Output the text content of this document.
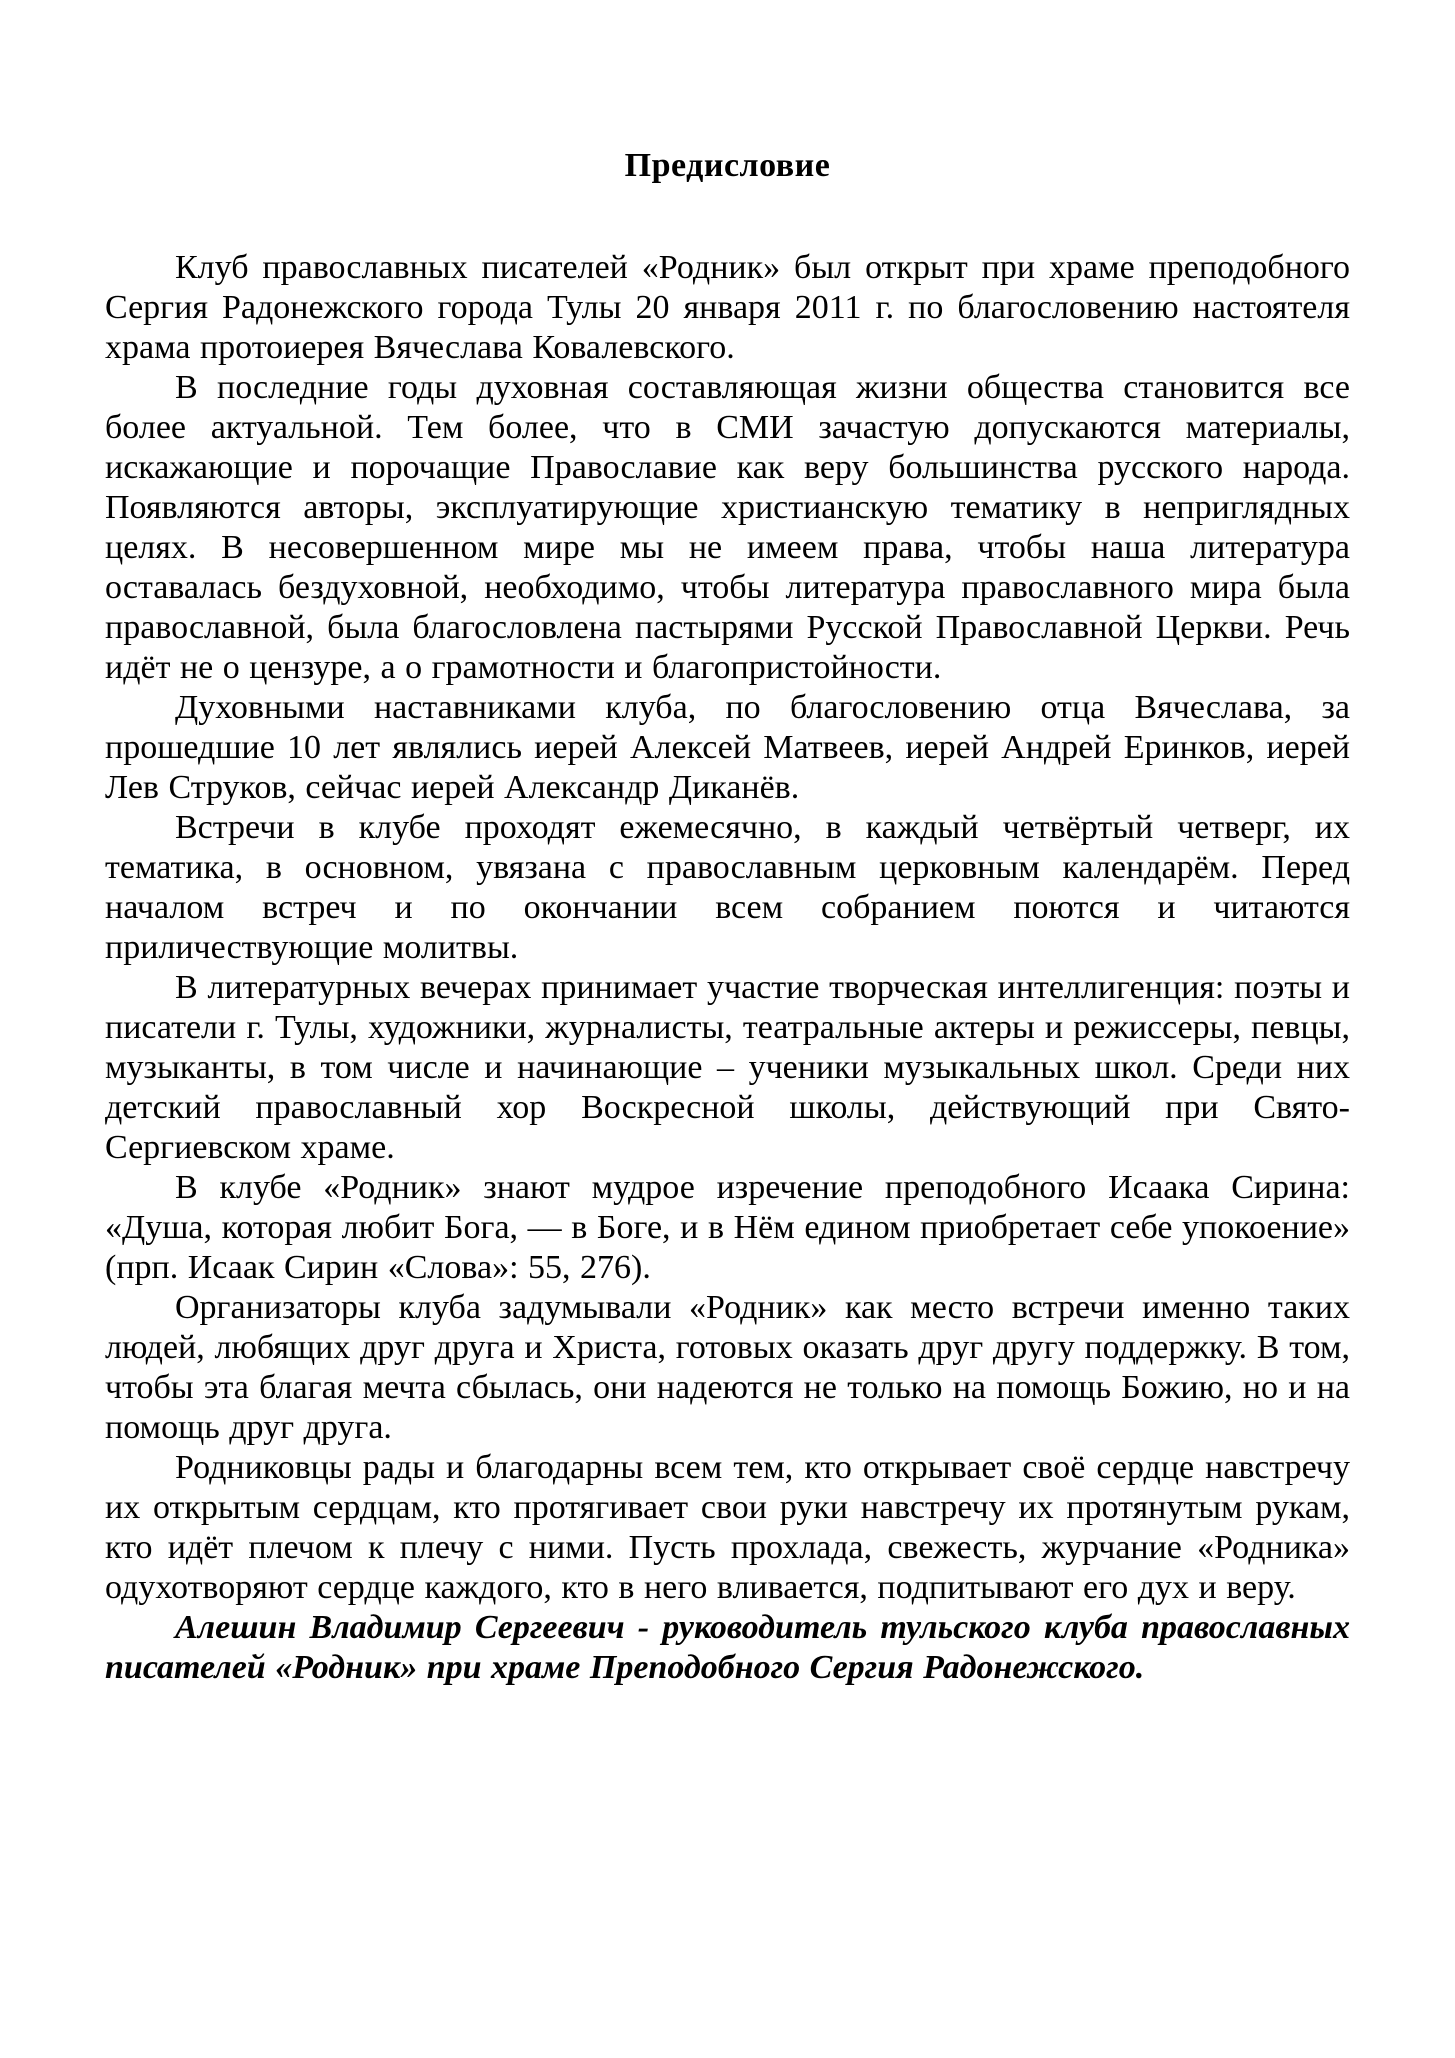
Предисловие

Клуб православных писателей «Родник» был открыт при храме преподобного Сергия Радонежского города Тулы 20 января 2011 г. по благословению настоятеля храма протоиерея Вячеслава Ковалевского.

В последние годы духовная составляющая жизни общества становится все более актуальной. Тем более, что в СМИ зачастую допускаются материалы, искажающие и порочащие Православие как веру большинства русского народа. Появляются авторы, эксплуатирующие христианскую тематику в неприглядных целях. В несовершенном мире мы не имеем права, чтобы наша литература оставалась бездуховной, необходимо, чтобы литература православного мира была православной, была благословлена пастырями Русской Православной Церкви. Речь идёт не о цензуре, а о грамотности и благопристойности.

Духовными наставниками клуба, по благословению отца Вячеслава, за прошедшие 10 лет являлись иерей Алексей Матвеев, иерей Андрей Еринков, иерей Лев Струков, сейчас иерей Александр Диканёв.

Встречи в клубе проходят ежемесячно, в каждый четвёртый четверг, их тематика, в основном, увязана с православным церковным календарём. Перед началом встреч и по окончании всем собранием поются и читаются приличествующие молитвы.

В литературных вечерах принимает участие творческая интеллигенция: поэты и писатели г. Тулы, художники, журналисты, театральные актеры и режиссеры, певцы, музыканты, в том числе и начинающие – ученики музыкальных школ. Среди них детский православный хор Воскресной школы, действующий при Свято-Сергиевском храме.

В клубе «Родник» знают мудрое изречение преподобного Исаака Сирина: «Душа, которая любит Бога, — в Боге, и в Нём едином приобретает себе упокоение» (прп. Исаак Сирин «Слова»: 55, 276).

Организаторы клуба задумывали «Родник» как место встречи именно таких людей, любящих друг друга и Христа, готовых оказать друг другу поддержку. В том, чтобы эта благая мечта сбылась, они надеются не только на помощь Божию, но и на помощь друг друга.

Родниковцы рады и благодарны всем тем, кто открывает своё сердце навстречу их открытым сердцам, кто протягивает свои руки навстречу их протянутым рукам, кто идёт плечом к плечу с ними. Пусть прохлада, свежесть, журчание «Родника» одухотворяют сердце каждого, кто в него вливается, подпитывают его дух и веру.

Алешин Владимир Сергеевич - руководитель тульского клуба православных писателей «Родник» при храме Преподобного Сергия Радонежского.
